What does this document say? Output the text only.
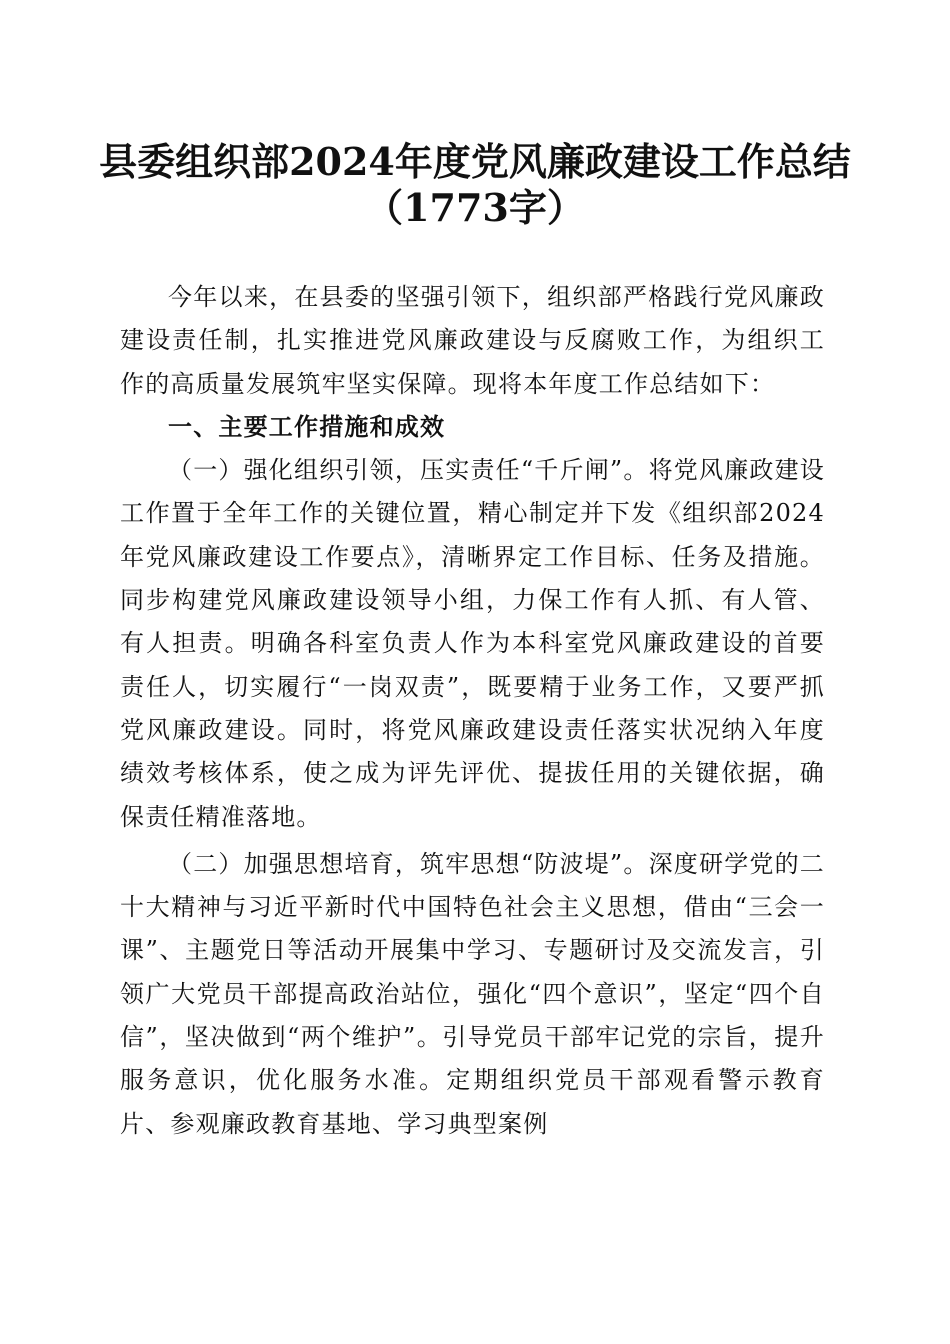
县委组织部2024年度党风廉政建设工作总结
（1773字）

今年以来，在县委的坚强引领下，组织部严格践行党风廉政建设责任制，扎实推进党风廉政建设与反腐败工作，为组织工作的高质量发展筑牢坚实保障。现将本年度工作总结如下：

一、主要工作措施和成效

（一）强化组织引领，压实责任“千斤闸”。将党风廉政建设工作置于全年工作的关键位置，精心制定并下发《组织部2024年党风廉政建设工作要点》，清晰界定工作目标、任务及措施。同步构建党风廉政建设领导小组，力保工作有人抓、有人管、有人担责。明确各科室负责人作为本科室党风廉政建设的首要责任人，切实履行“一岗双责”，既要精于业务工作，又要严抓党风廉政建设。同时，将党风廉政建设责任落实状况纳入年度绩效考核体系，使之成为评先评优、提拔任用的关键依据，确保责任精准落地。

（二）加强思想培育，筑牢思想“防波堤”。深度研学党的二十大精神与习近平新时代中国特色社会主义思想，借由“三会一课”、主题党日等活动开展集中学习、专题研讨及交流发言，引领广大党员干部提高政治站位，强化“四个意识”，坚定“四个自信”，坚决做到“两个维护”。引导党员干部牢记党的宗旨，提升服务意识，优化服务水准。定期组织党员干部观看警示教育片、参观廉政教育基地、学习典型案例
